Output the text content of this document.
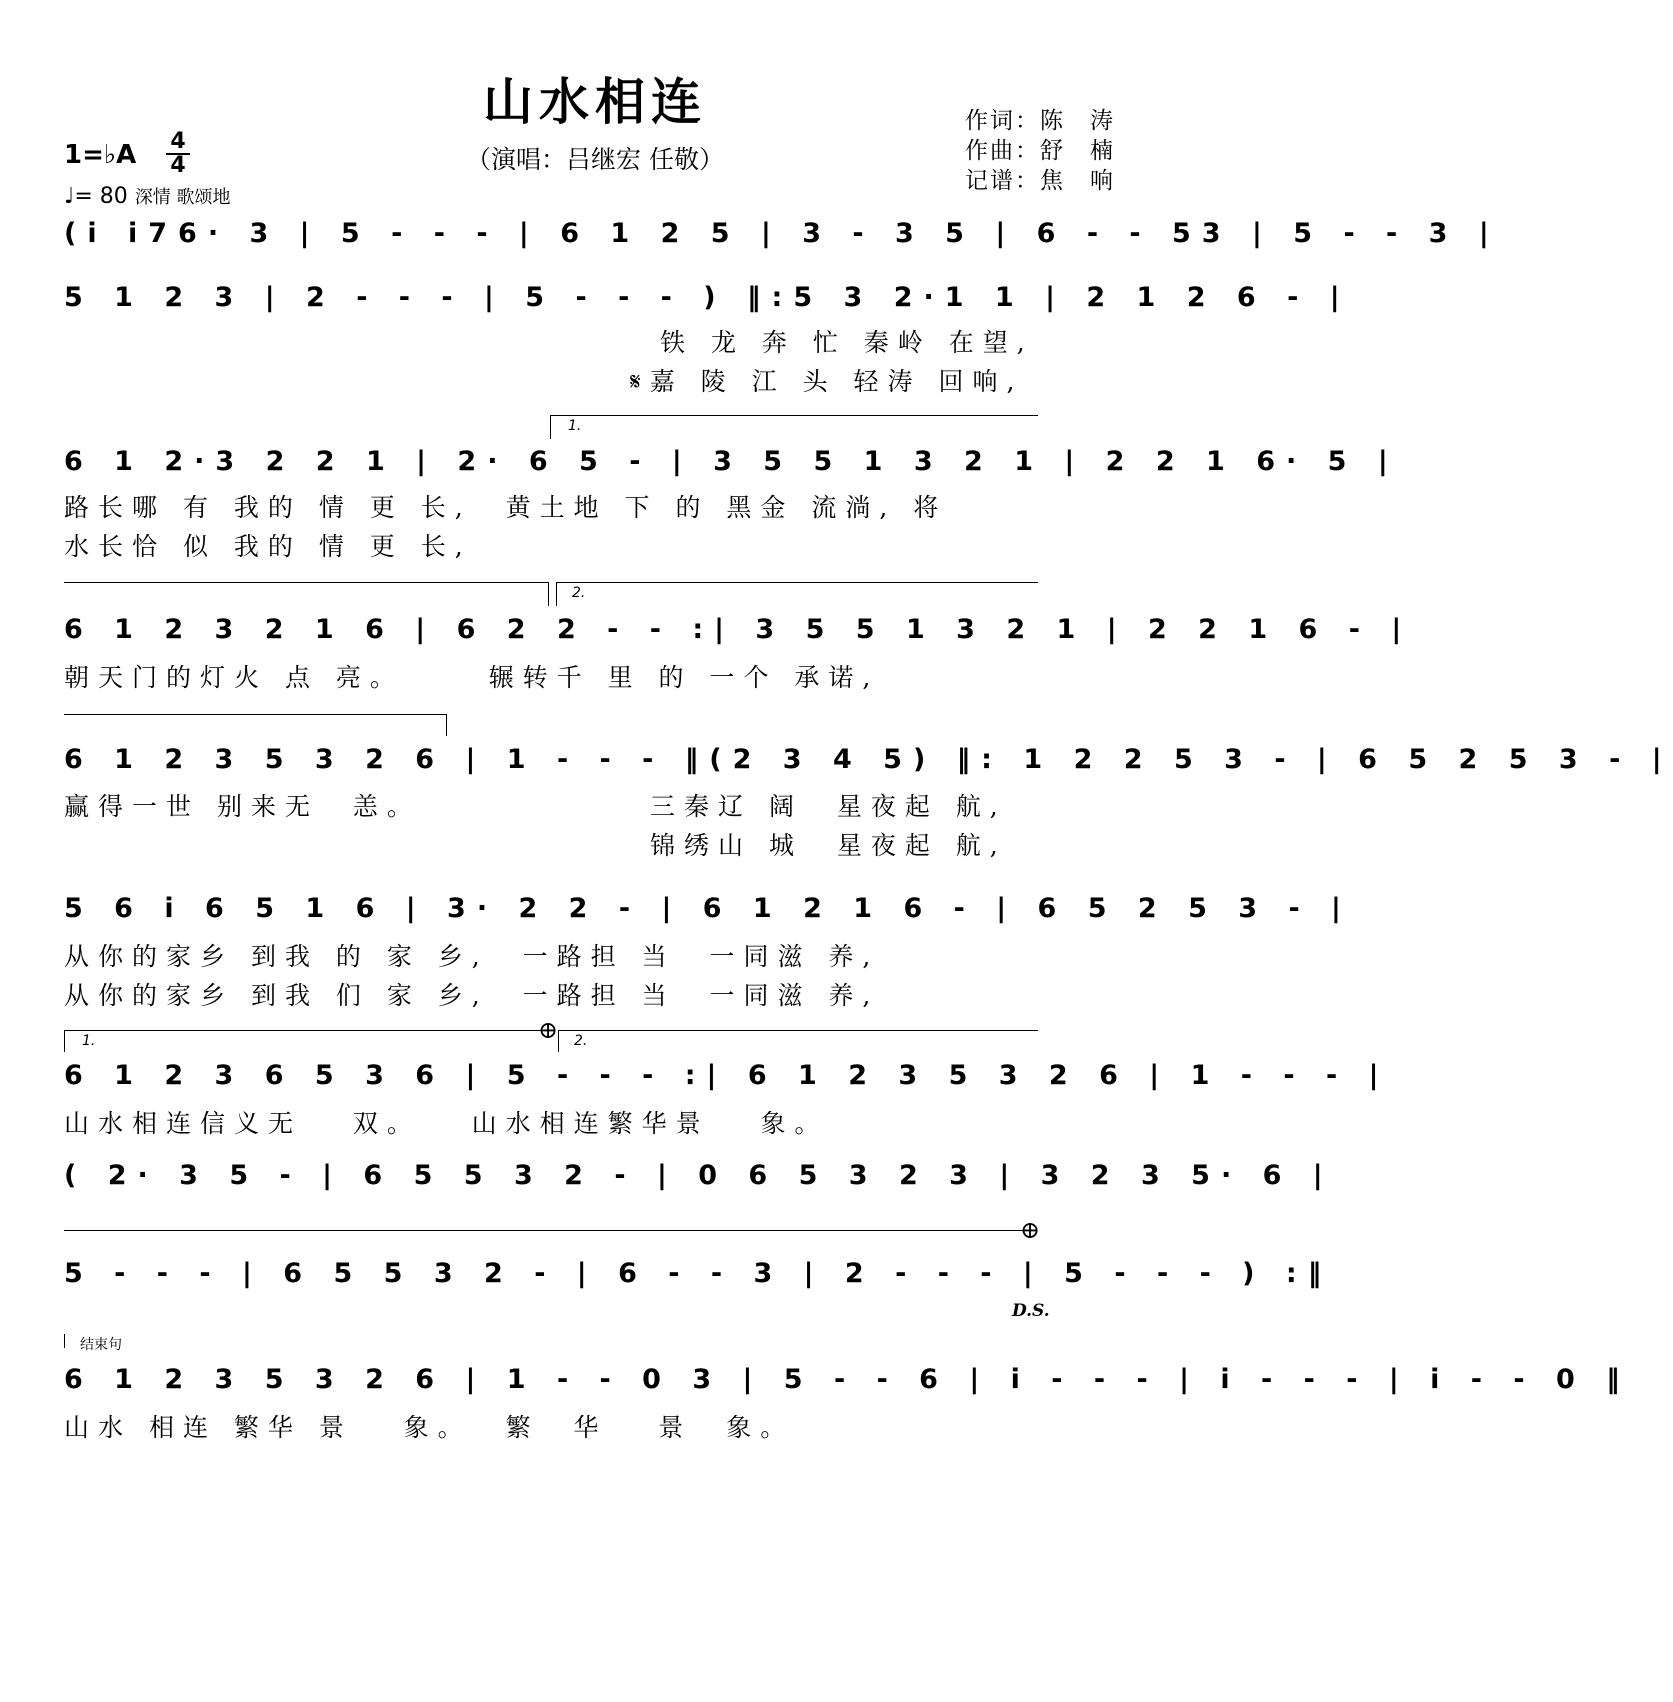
山水相连
（演唱：吕继宏 任敬）
作词：陈　涛
作曲：舒　楠
记谱：焦　响
1=♭A 4
4
♩= 80 深情 歌颂地
(i i76· 3 | 5 - - - | 6 1 2 5 | 3 - 3 5 | 6 - - 53 | 5 - - 3 |
5 1 2 3 | 2 - - - | 5 - - - ) ‖:5 3 2·1 1 | 2 1 2 6 - |
铁 龙 奔 忙 秦岭 在望,
𝄋嘉 陵 江 头 轻涛 回响,
1.
6 1 2·3 2 2 1 | 2· 6 5 - | 3 5 5 1 3 2 1 | 2 2 1 6· 5 |
路长哪 有 我的 情 更 长,  黄土地 下 的 黑金 流淌, 将
水长恰 似 我的 情 更 长,
2.
6 1 2 3 2 1 6 | 6 2 2 - - :| 3 5 5 1 3 2 1 | 2 2 1 6 - |
朝天门的灯火 点 亮。     辗转千 里 的 一个 承诺,
6 1 2 3 5 3 2 6 | 1 - - - ‖(2 3 4 5) ‖: 1 2 2 5 3 - | 6 5 2 5 3 - |
赢得一世 别来无  恙。	三秦辽 阔  星夜起 航,
锦绣山 城  星夜起 航,
5 6 i 6 5 1 6 | 3· 2 2 - | 6 1 2 1 6 - | 6 5 2 5 3 - |
从你的家乡 到我 的 家 乡,  一路担 当  一同滋 养,
从你的家乡 到我 们 家 乡,  一路担 当  一同滋 养,
1.	⊕ 2.
6 1 2 3 6 5 3 6 | 5 - - - :| 6 1 2 3 5 3 2 6 | 1 - - - |
山水相连信义无   双。   山水相连繁华景   象。
( 2· 3 5 - | 6 5 5 3 2 - | 0 6 5 3 2 3 | 3 2 3 5· 6 |
⊕
5 - - - | 6 5 5 3 2 - | 6 - - 3 | 2 - - - | 5 - - - ) :‖
D.S.
结束句
6 1 2 3 5 3 2 6 | 1 - - 0 3 | 5 - - 6 | i - - - | i - - - | i - - 0 ‖
山水 相连 繁华 景   象。  繁  华   景  象。
